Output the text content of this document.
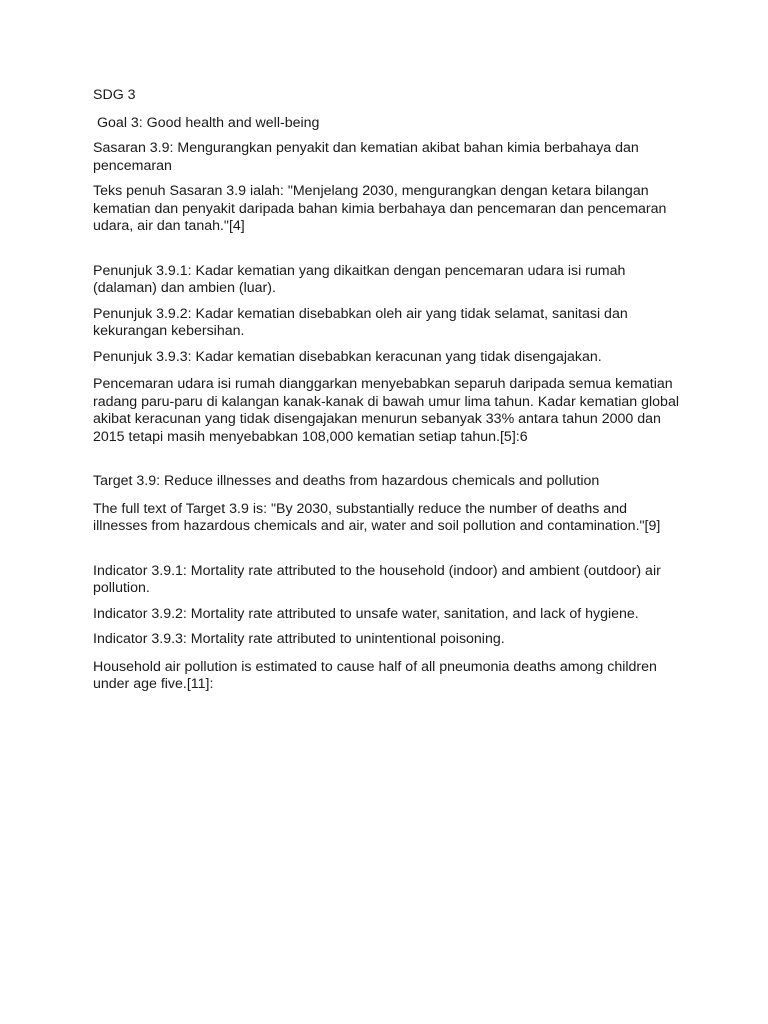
SDG 3

Goal 3: Good health and well-being

Sasaran 3.9: Mengurangkan penyakit dan kematian akibat bahan kimia berbahaya dan pencemaran

Teks penuh Sasaran 3.9 ialah: "Menjelang 2030, mengurangkan dengan ketara bilangan kematian dan penyakit daripada bahan kimia berbahaya dan pencemaran dan pencemaran udara, air dan tanah."[4]

Penunjuk 3.9.1: Kadar kematian yang dikaitkan dengan pencemaran udara isi rumah (dalaman) dan ambien (luar).

Penunjuk 3.9.2: Kadar kematian disebabkan oleh air yang tidak selamat, sanitasi dan kekurangan kebersihan.

Penunjuk 3.9.3: Kadar kematian disebabkan keracunan yang tidak disengajakan.

Pencemaran udara isi rumah dianggarkan menyebabkan separuh daripada semua kematian radang paru-paru di kalangan kanak-kanak di bawah umur lima tahun. Kadar kematian global akibat keracunan yang tidak disengajakan menurun sebanyak 33% antara tahun 2000 dan 2015 tetapi masih menyebabkan 108,000 kematian setiap tahun.[5]:6

Target 3.9: Reduce illnesses and deaths from hazardous chemicals and pollution

The full text of Target 3.9 is: "By 2030, substantially reduce the number of deaths and illnesses from hazardous chemicals and air, water and soil pollution and contamination."[9]

Indicator 3.9.1: Mortality rate attributed to the household (indoor) and ambient (outdoor) air pollution.

Indicator 3.9.2: Mortality rate attributed to unsafe water, sanitation, and lack of hygiene.

Indicator 3.9.3: Mortality rate attributed to unintentional poisoning.

Household air pollution is estimated to cause half of all pneumonia deaths among children under age five.[11]:
